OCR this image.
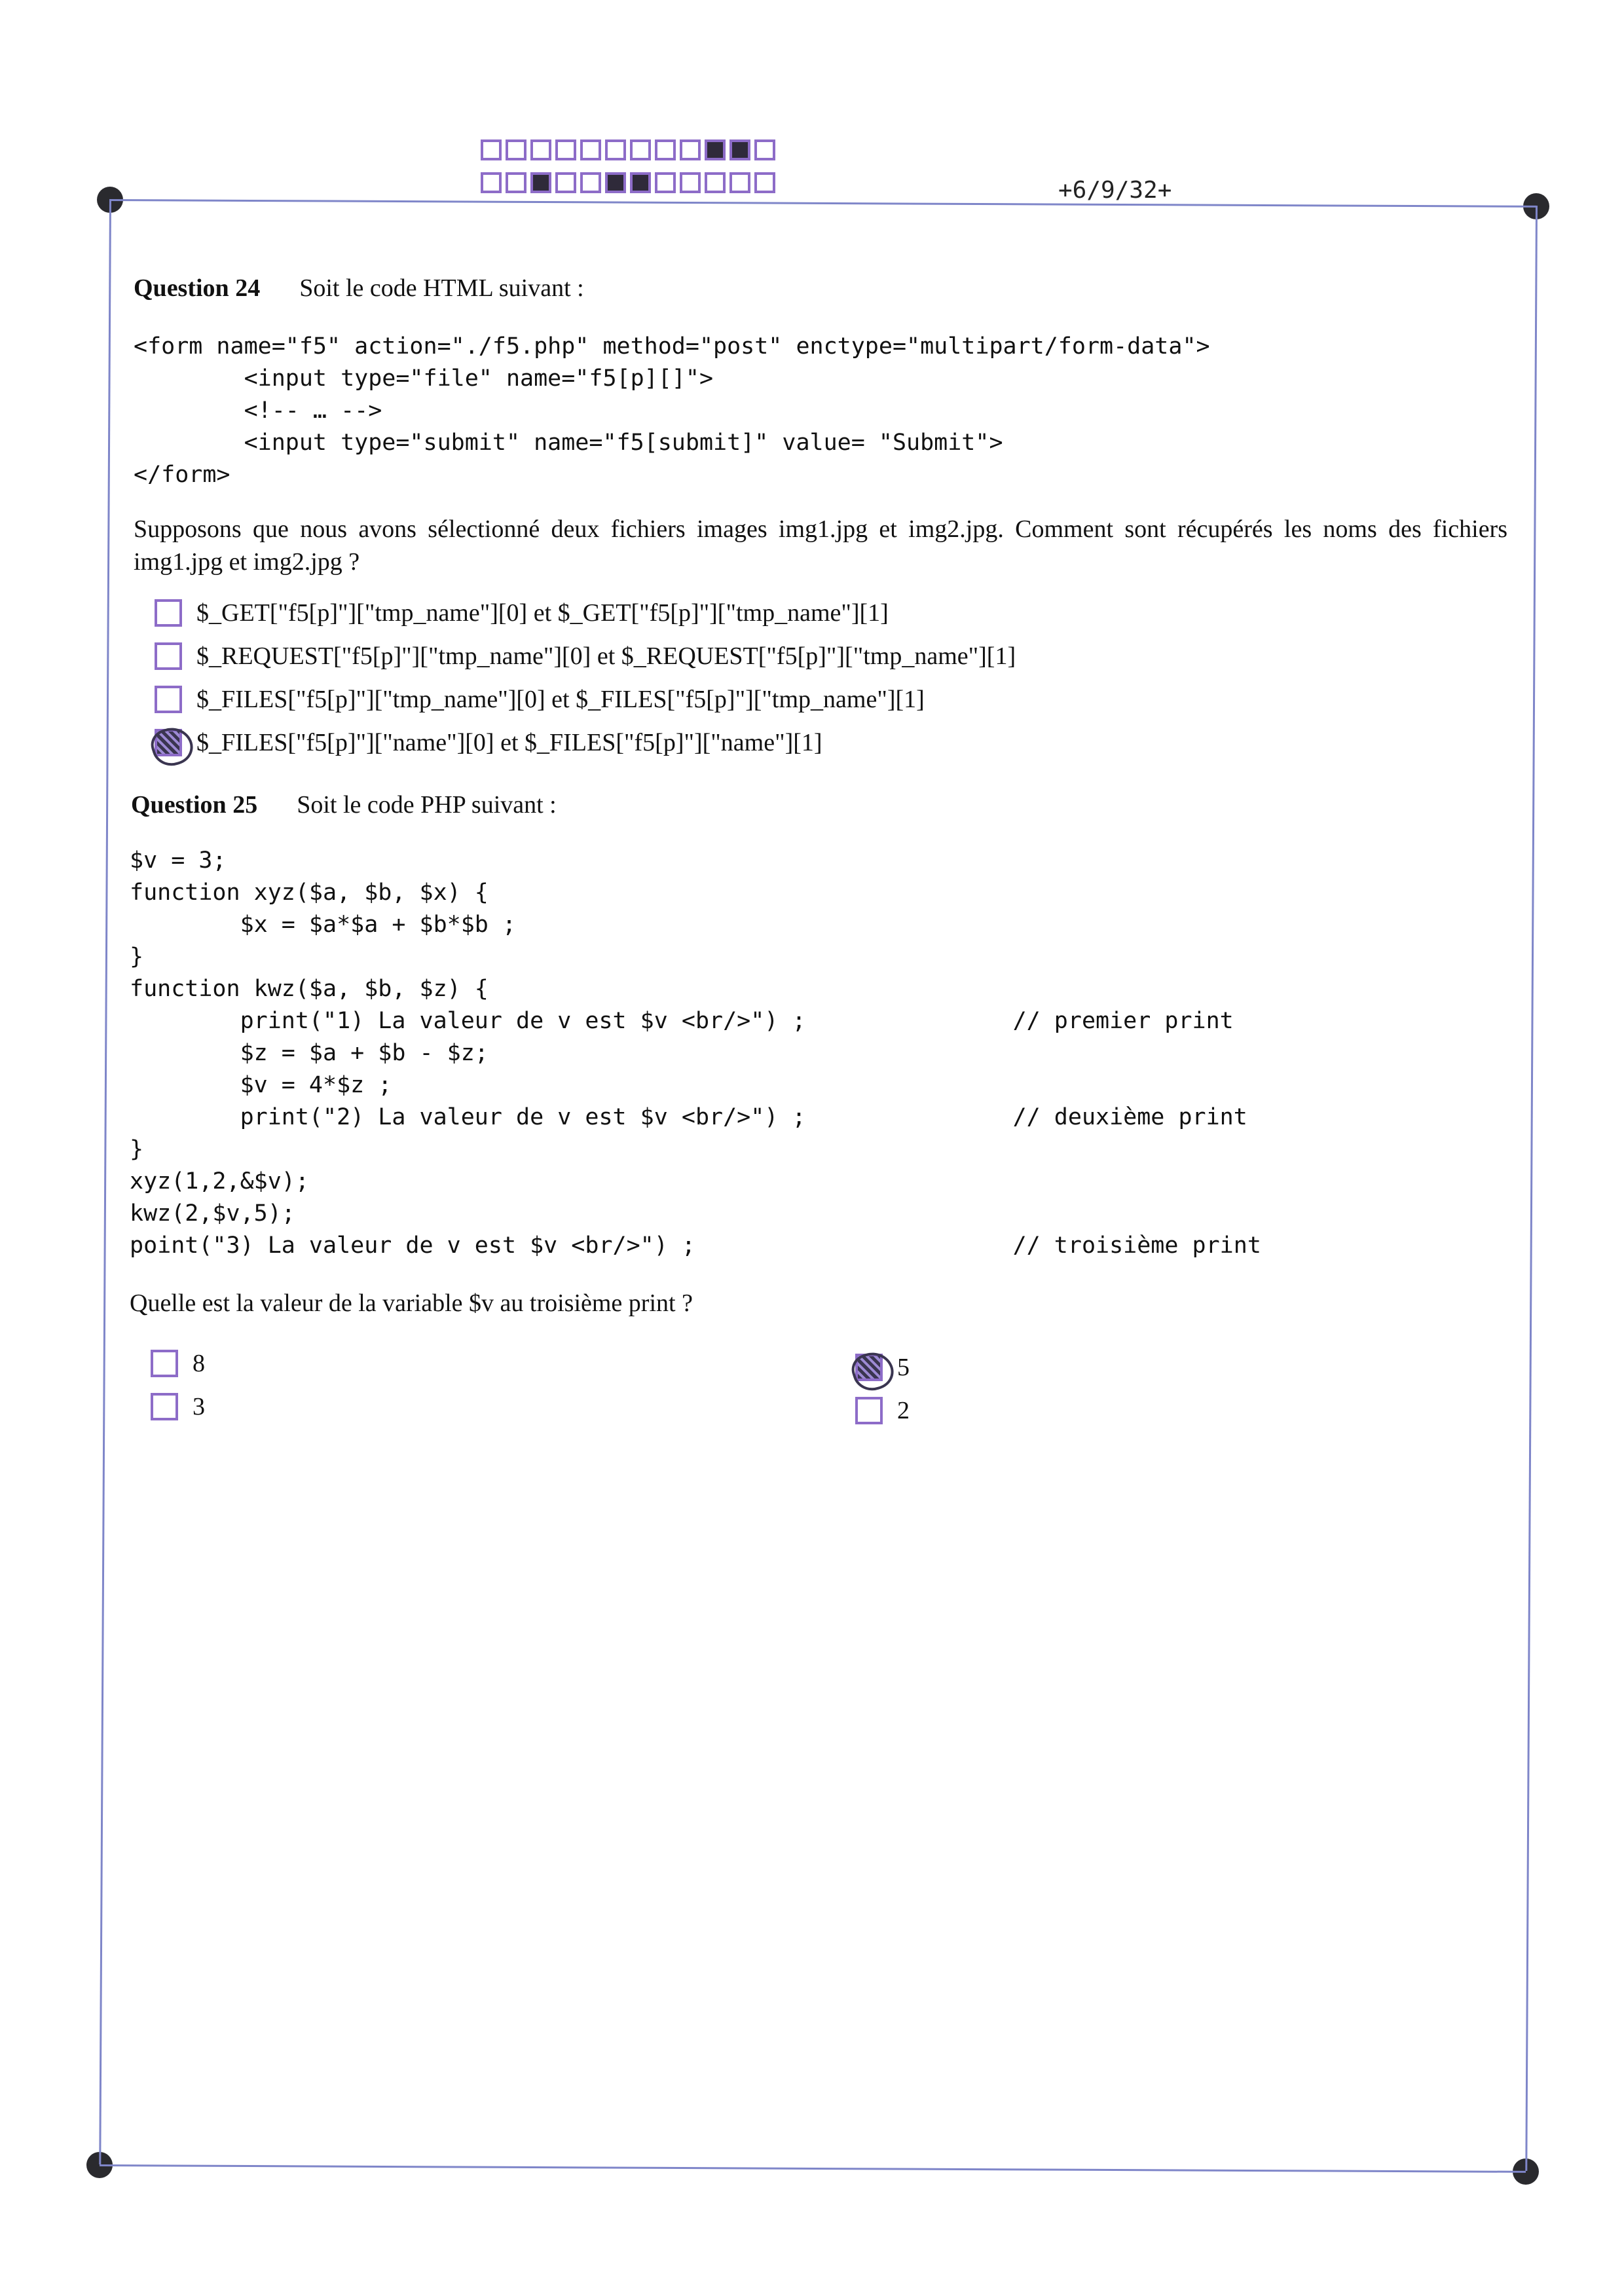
+6/9/32+
Question 24 Soit le code HTML suivant :
<form name="f5" action="./f5.php" method="post" enctype="multipart/form-data">
<input type="file" name="f5[p][]">
<!-- … -->
<input type="submit" name="f5[submit]" value= "Submit">
</form>
Supposons que nous avons sélectionné deux fichiers images img1.jpg et img2.jpg. Comment sont récupérés les noms des fichiers img1.jpg et img2.jpg ?
$_GET["f5[p]"]["tmp_name"][0] et $_GET["f5[p]"]["tmp_name"][1]
$_REQUEST["f5[p]"]["tmp_name"][0] et $_REQUEST["f5[p]"]["tmp_name"][1]
$_FILES["f5[p]"]["tmp_name"][0] et $_FILES["f5[p]"]["tmp_name"][1]
$_FILES["f5[p]"]["name"][0] et $_FILES["f5[p]"]["name"][1]
Question 25 Soit le code PHP suivant :
$v = 3;
function xyz($a, $b, $x) {
$x = $a*$a + $b*$b ;
}
function kwz($a, $b, $z) {
print("1) La valeur de v est $v <br/>") ;               // premier print
$z = $a + $b - $z;
$v = 4*$z ;
print("2) La valeur de v est $v <br/>") ;               // deuxième print
}
xyz(1,2,&$v);
kwz(2,$v,5);
point("3) La valeur de v est $v <br/>") ;                       // troisième print
Quelle est la valeur de la variable $v au troisième print ?
8
3
5
2
